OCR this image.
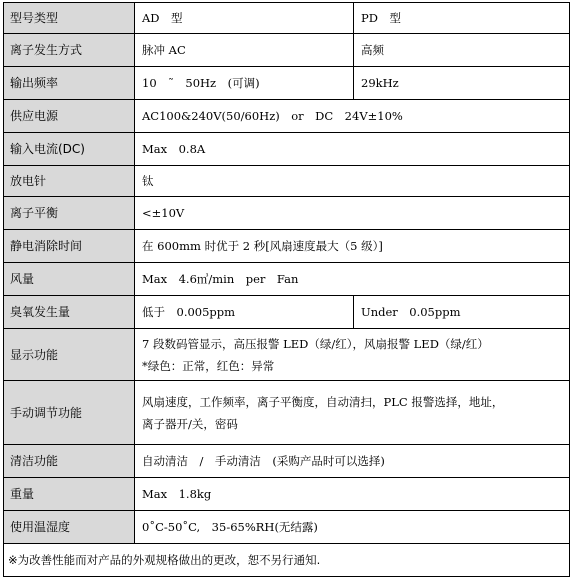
型号类型	AD　型	PD　型
离子发生方式	脉冲 AC	高频
输出频率	10　˜　50Hz　(可调)	29kHz
供应电源	AC100&240V(50/60Hz)　or　DC　24V±10%	
输入电流(DC)	Max　0.8A	
放电针	钛	
离子平衡	<±10V	
静电消除时间	在 600mm 时优于 2 秒[风扇速度最大（5 级）]	
风量	Max　4.6㎥/min　per　Fan	
臭氧发生量	低于　0.005ppm	Under　0.05ppm
显示功能	7 段数码管显示，高压报警 LED（绿/红），风扇报警 LED（绿/红）
*绿色：正常，红色：异常	
手动调节功能	风扇速度，工作频率，离子平衡度，自动清扫，PLC 报警选择，地址，
离子器开/关，密码	
清洁功能	自动清洁　/　手动清洁　(采购产品时可以选择)	
重量	Max　1.8kg	
使用温湿度	0˚C-50˚C,　35-65%RH(无结露)	
※为改善性能而对产品的外观规格做出的更改，恕不另行通知.		
